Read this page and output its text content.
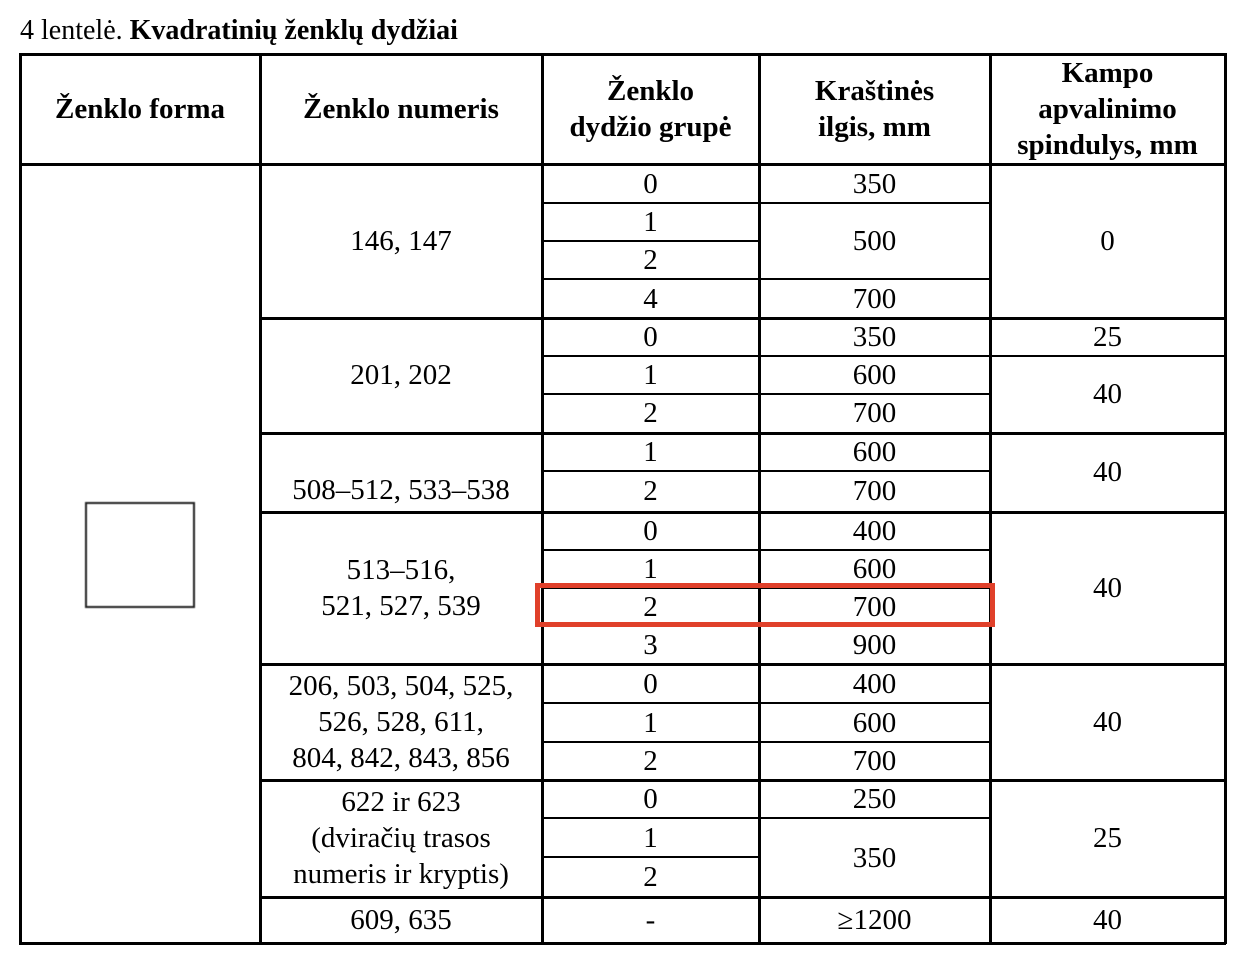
4 lentelė. Kvadratinių ženklų dydžiai
Ženklo forma	Ženklo numeris
Ženklo
dydžio grupė
Kraštinės
ilgis, mm
Kampo
apvalinimo
spindulys, mm
146, 147
201, 202
508–512, 533–538
513–516,
521, 527, 539
206, 503, 504, 525,
526, 528, 611,
804, 842, 843, 856
622 ir 623
(dviračių trasos
numeris ir kryptis)
609, 635
0
1
2
4
0
1
2
1
2
0
1
2
3
0
1
2
0
1
2
-
350
500
700
350
600
700
600
700
400
600
700
900
400
600
700
250
350
≥1200
0
25
40
40
40
40
25
40
